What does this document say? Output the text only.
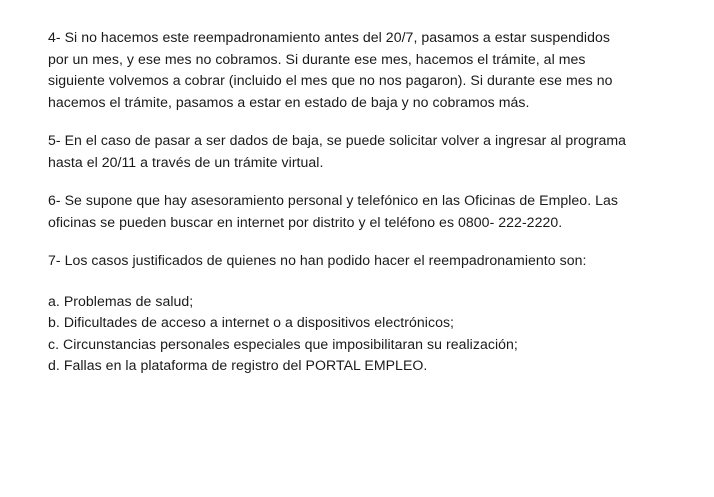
4- Si no hacemos este reempadronamiento antes del 20/7, pasamos a estar suspendidos
por un mes, y ese mes no cobramos. Si durante ese mes, hacemos el trámite, al mes
siguiente volvemos a cobrar (incluido el mes que no nos pagaron). Si durante ese mes no
hacemos el trámite, pasamos a estar en estado de baja y no cobramos más.
5- En el caso de pasar a ser dados de baja, se puede solicitar volver a ingresar al programa
hasta el 20/11 a través de un trámite virtual.
6- Se supone que hay asesoramiento personal y telefónico en las Oficinas de Empleo. Las
oficinas se pueden buscar en internet por distrito y el teléfono es 0800- 222-2220.
7- Los casos justificados de quienes no han podido hacer el reempadronamiento son:
a. Problemas de salud;
b. Dificultades de acceso a internet o a dispositivos electrónicos;
c. Circunstancias personales especiales que imposibilitaran su realización;
d. Fallas en la plataforma de registro del PORTAL EMPLEO.
